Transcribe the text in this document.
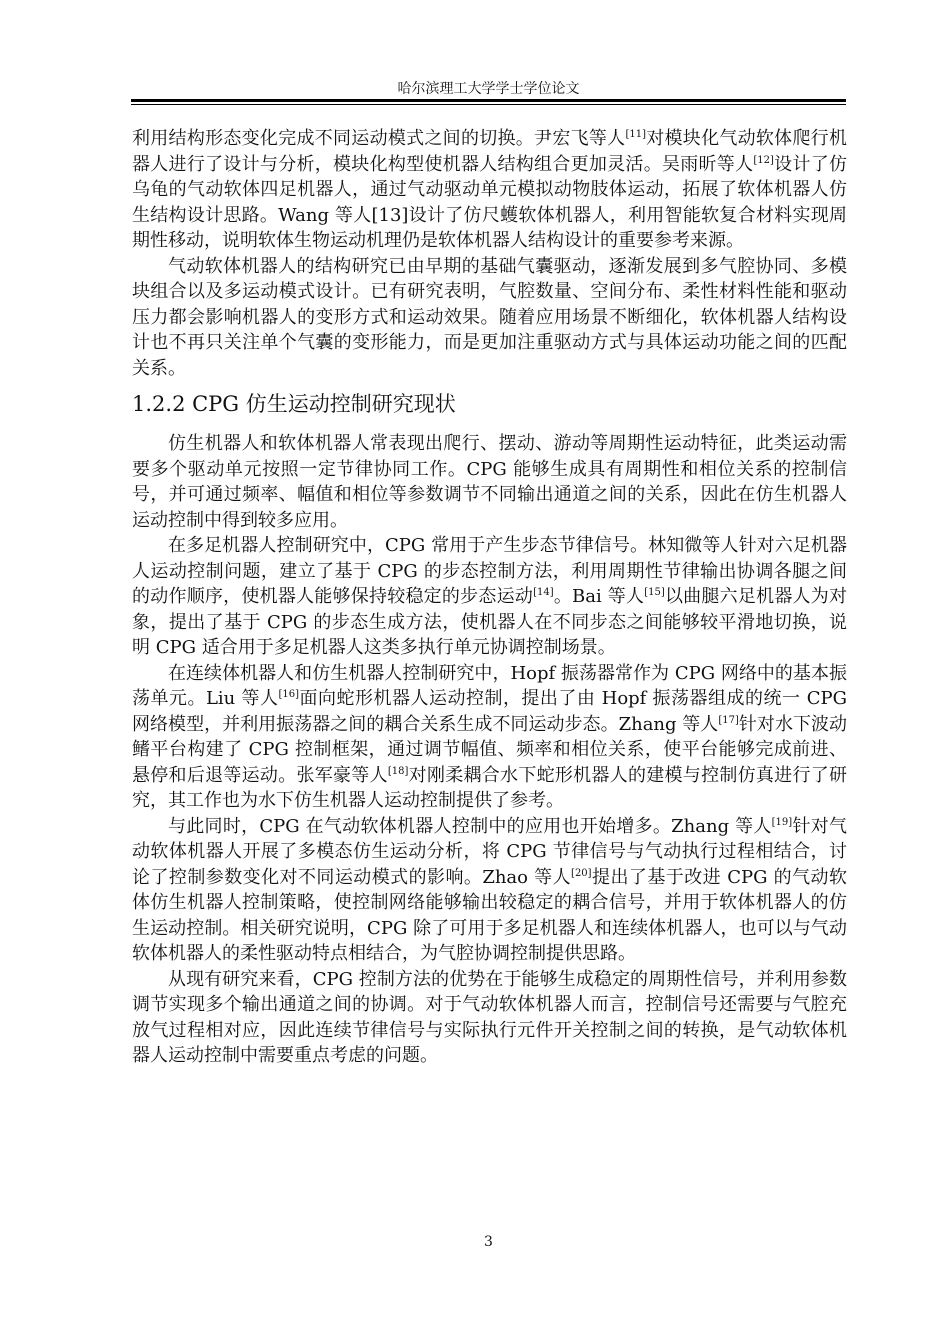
哈尔滨理工大学学士学位论文

利用结构形态变化完成不同运动模式之间的切换。尹宏飞等人[11]对模块化气动软体爬行机器人进行了设计与分析，模块化构型使机器人结构组合更加灵活。吴雨昕等人[12]设计了仿乌龟的气动软体四足机器人，通过气动驱动单元模拟动物肢体运动，拓展了软体机器人仿生结构设计思路。Wang 等人[13]设计了仿尺蠖软体机器人，利用智能软复合材料实现周期性移动，说明软体生物运动机理仍是软体机器人结构设计的重要参考来源。

气动软体机器人的结构研究已由早期的基础气囊驱动，逐渐发展到多气腔协同、多模块组合以及多运动模式设计。已有研究表明，气腔数量、空间分布、柔性材料性能和驱动压力都会影响机器人的变形方式和运动效果。随着应用场景不断细化，软体机器人结构设计也不再只关注单个气囊的变形能力，而是更加注重驱动方式与具体运动功能之间的匹配关系。

1.2.2 CPG 仿生运动控制研究现状

仿生机器人和软体机器人常表现出爬行、摆动、游动等周期性运动特征，此类运动需要多个驱动单元按照一定节律协同工作。CPG 能够生成具有周期性和相位关系的控制信号，并可通过频率、幅值和相位等参数调节不同输出通道之间的关系，因此在仿生机器人运动控制中得到较多应用。

在多足机器人控制研究中，CPG 常用于产生步态节律信号。林知微等人针对六足机器人运动控制问题，建立了基于 CPG 的步态控制方法，利用周期性节律输出协调各腿之间的动作顺序，使机器人能够保持较稳定的步态运动[14]。Bai 等人[15]以曲腿六足机器人为对象，提出了基于 CPG 的步态生成方法，使机器人在不同步态之间能够较平滑地切换，说明 CPG 适合用于多足机器人这类多执行单元协调控制场景。

在连续体机器人和仿生机器人控制研究中，Hopf 振荡器常作为 CPG 网络中的基本振荡单元。Liu 等人[16]面向蛇形机器人运动控制，提出了由 Hopf 振荡器组成的统一 CPG 网络模型，并利用振荡器之间的耦合关系生成不同运动步态。Zhang 等人[17]针对水下波动鳍平台构建了 CPG 控制框架，通过调节幅值、频率和相位关系，使平台能够完成前进、悬停和后退等运动。张军豪等人[18]对刚柔耦合水下蛇形机器人的建模与控制仿真进行了研究，其工作也为水下仿生机器人运动控制提供了参考。

与此同时，CPG 在气动软体机器人控制中的应用也开始增多。Zhang 等人[19]针对气动软体机器人开展了多模态仿生运动分析，将 CPG 节律信号与气动执行过程相结合，讨论了控制参数变化对不同运动模式的影响。Zhao 等人[20]提出了基于改进 CPG 的气动软体仿生机器人控制策略，使控制网络能够输出较稳定的耦合信号，并用于软体机器人的仿生运动控制。相关研究说明，CPG 除了可用于多足机器人和连续体机器人，也可以与气动软体机器人的柔性驱动特点相结合，为气腔协调控制提供思路。

从现有研究来看，CPG 控制方法的优势在于能够生成稳定的周期性信号，并利用参数调节实现多个输出通道之间的协调。对于气动软体机器人而言，控制信号还需要与气腔充放气过程相对应，因此连续节律信号与实际执行元件开关控制之间的转换，是气动软体机器人运动控制中需要重点考虑的问题。

3
